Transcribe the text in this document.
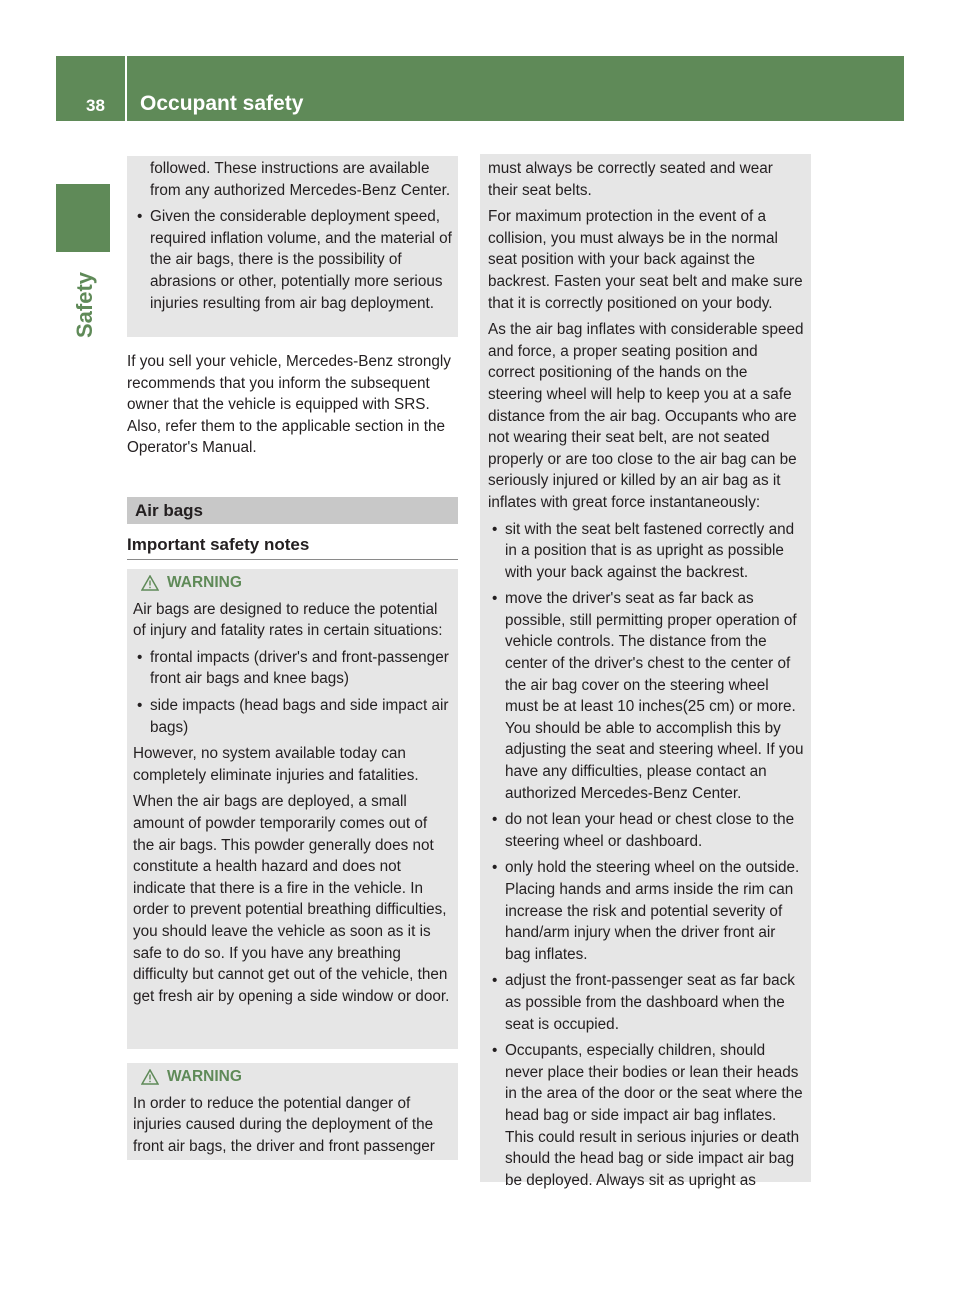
38 Occupant safety
Safety

followed. These instructions are available from any authorized Mercedes-Benz Center.

• Given the considerable deployment speed, required inflation volume, and the material of the air bags, there is the possibility of abrasions or other, potentially more serious injuries resulting from air bag deployment.

If you sell your vehicle, Mercedes-Benz strongly recommends that you inform the subsequent owner that the vehicle is equipped with SRS. Also, refer them to the applicable section in the Operator's Manual.

Air bags
Important safety notes
WARNING

Air bags are designed to reduce the potential of injury and fatality rates in certain situations:

• frontal impacts (driver's and front-passenger front air bags and knee bags)
• side impacts (head bags and side impact air bags)

However, no system available today can completely eliminate injuries and fatalities.

When the air bags are deployed, a small amount of powder temporarily comes out of the air bags. This powder generally does not constitute a health hazard and does not indicate that there is a fire in the vehicle. In order to prevent potential breathing difficulties, you should leave the vehicle as soon as it is safe to do so. If you have any breathing difficulty but cannot get out of the vehicle, then get fresh air by opening a side window or door.

WARNING

In order to reduce the potential danger of injuries caused during the deployment of the front air bags, the driver and front passenger

must always be correctly seated and wear their seat belts.

For maximum protection in the event of a collision, you must always be in the normal seat position with your back against the backrest. Fasten your seat belt and make sure that it is correctly positioned on your body.

As the air bag inflates with considerable speed and force, a proper seating position and correct positioning of the hands on the steering wheel will help to keep you at a safe distance from the air bag. Occupants who are not wearing their seat belt, are not seated properly or are too close to the air bag can be seriously injured or killed by an air bag as it inflates with great force instantaneously:

• sit with the seat belt fastened correctly and in a position that is as upright as possible with your back against the backrest.
• move the driver's seat as far back as possible, still permitting proper operation of vehicle controls. The distance from the center of the driver's chest to the center of the air bag cover on the steering wheel must be at least 10 inches(25 cm) or more. You should be able to accomplish this by adjusting the seat and steering wheel. If you have any difficulties, please contact an authorized Mercedes-Benz Center.
• do not lean your head or chest close to the steering wheel or dashboard.
• only hold the steering wheel on the outside. Placing hands and arms inside the rim can increase the risk and potential severity of hand/arm injury when the driver front air bag inflates.
• adjust the front-passenger seat as far back as possible from the dashboard when the seat is occupied.
• Occupants, especially children, should never place their bodies or lean their heads in the area of the door or the seat where the head bag or side impact air bag inflates. This could result in serious injuries or death should the head bag or side impact air bag be deployed. Always sit as upright as
